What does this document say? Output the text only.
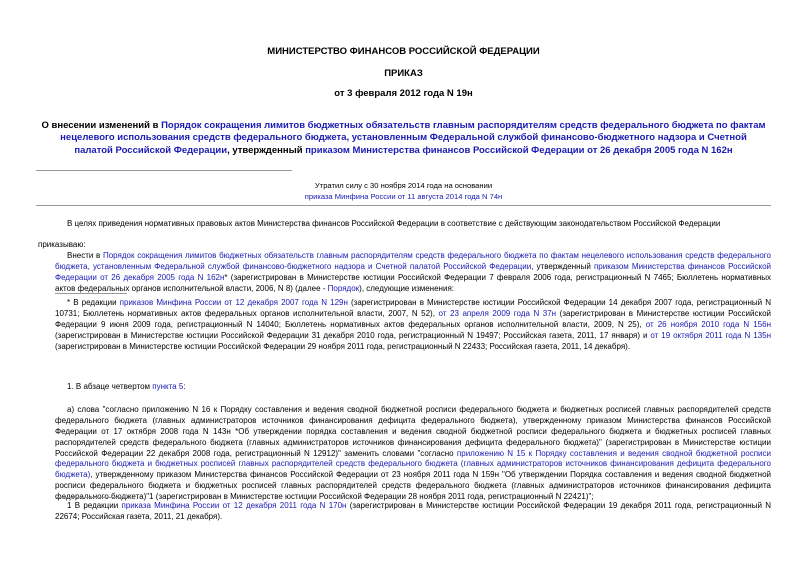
МИНИСТЕРСТВО ФИНАНСОВ РОССИЙСКОЙ ФЕДЕРАЦИИ
ПРИКАЗ
от 3 февраля 2012 года N 19н
О внесении изменений в Порядок сокращения лимитов бюджетных обязательств главным распорядителям средств федерального бюджета по фактам нецелевого использования средств федерального бюджета, установленным Федеральной службой финансово-бюджетного надзора и Счетной палатой Российской Федерации, утвержденный приказом Министерства финансов Российской Федерации от 26 декабря 2005 года N 162н
Утратил силу с 30 ноября 2014 года на основании
приказа Минфина России от 11 августа 2014 года N 74н
В целях приведения нормативных правовых актов Министерства финансов Российской Федерации в соответствие с действующим законодательством Российской Федерации
приказываю:
Внести в Порядок сокращения лимитов бюджетных обязательств главным распорядителям средств федерального бюджета по фактам нецелевого использования средств федерального бюджета, установленным Федеральной службой финансово-бюджетного надзора и Счетной палатой Российской Федерации, утвержденный приказом Министерства финансов Российской Федерации от 26 декабря 2005 года N 162н* (зарегистрирован в Министерстве юстиции Российской Федерации 7 февраля 2006 года, регистрационный N 7465; Бюллетень нормативных актов федеральных органов исполнительной власти, 2006, N 8) (далее - Порядок), следующие изменения:
* В редакции приказов Минфина России от 12 декабря 2007 года N 129н (зарегистрирован в Министерстве юстиции Российской Федерации 14 декабря 2007 года, регистрационный N 10731; Бюллетень нормативных актов федеральных органов исполнительной власти, 2007, N 52), от 23 апреля 2009 года N 37н (зарегистрирован в Министерстве юстиции Российской Федерации 9 июня 2009 года, регистрационный N 14040; Бюллетень нормативных актов федеральных органов исполнительной власти, 2009, N 25), от 26 ноября 2010 года N 156н (зарегистрирован в Министерстве юстиции Российской Федерации 31 декабря 2010 года, регистрационный N 19497; Российская газета, 2011, 17 января) и от 19 октября 2011 года N 135н (зарегистрирован в Министерстве юстиции Российской Федерации 29 ноября 2011 года, регистрационный N 22433; Российская газета, 2011, 14 декабря).
1. В абзаце четвертом пункта 5:
а) слова "согласно приложению N 16 к Порядку составления и ведения сводной бюджетной росписи федерального бюджета и бюджетных росписей главных распорядителей средств федерального бюджета (главных администраторов источников финансирования дефицита федерального бюджета), утвержденному приказом Министерства финансов Российской Федерации от 17 октября 2008 года N 143н *Об утверждении порядка составления и ведения сводной бюджетной росписи федерального бюджета и бюджетных росписей главных распорядителей средств федерального бюджета (главных администраторов источников финансирования дефицита федерального бюджета)" (зарегистрирован в Министерстве юстиции Российской Федерации 22 декабря 2008 года, регистрационный N 12912)" заменить словами "согласно приложению N 15 к Порядку составления и ведения сводной бюджетной росписи федерального бюджета и бюджетных росписей главных распорядителей средств федерального бюджета (главных администраторов источников финансирования дефицита федерального бюджета), утвержденному приказом Министерства финансов Российской Федерации от 23 ноября 2011 года N 159н "Об утверждении Порядка составления и ведения сводной бюджетной росписи федерального бюджета и бюджетных росписей главных распорядителей средств федерального бюджета (главных администраторов источников финансирования дефицита федерального бюджета)"1 (зарегистрирован в Министерстве юстиции Российской Федерации 28 ноября 2011 года, регистрационный N 22421)";
1 В редакции приказа Минфина России от 12 декабря 2011 года N 170н (зарегистрирован в Министерстве юстиции Российской Федерации 19 декабря 2011 года, регистрационный N 22674; Российская газета, 2011, 21 декабря).
